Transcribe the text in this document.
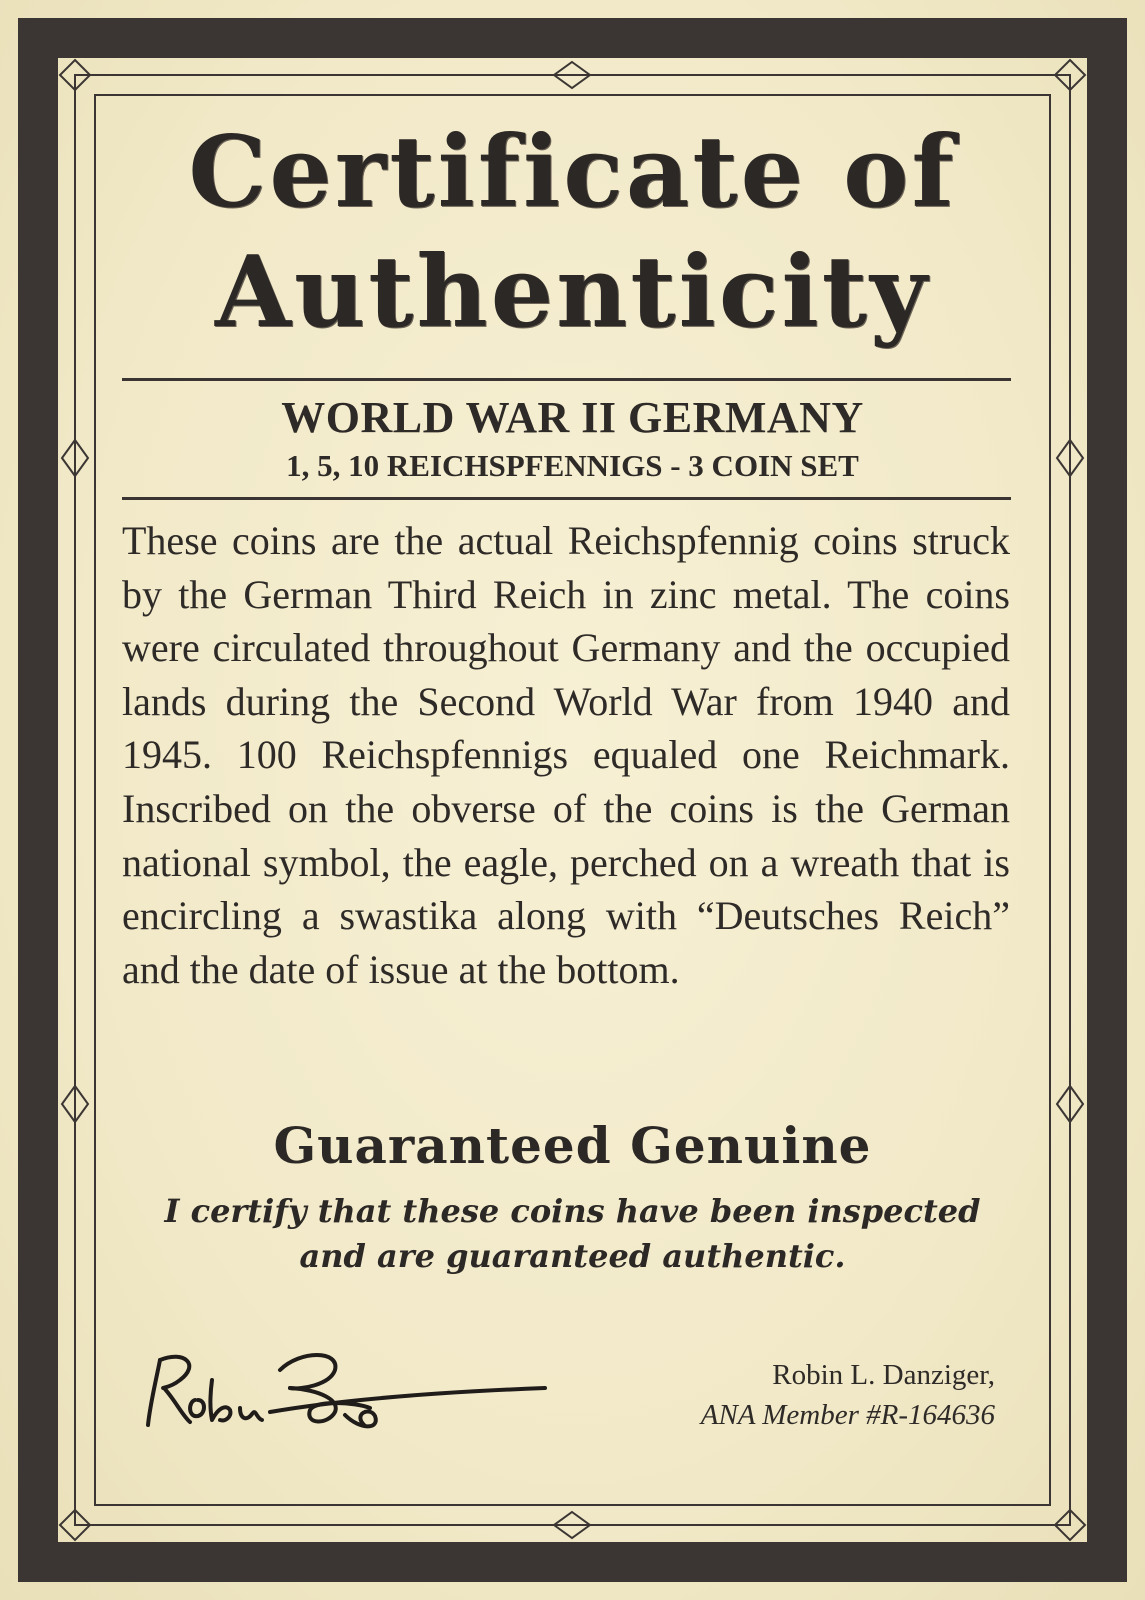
Certificate of
Authenticity
WORLD WAR II GERMANY
1, 5, 10 REICHSPFENNIGS - 3 COIN SET

These coins are the actual Reichspfennig coins struck by the German Third Reich in zinc metal. The coins were circulated throughout Germany and the occupied lands during the Second World War from 1940 and 1945. 100 Reichspfennigs equaled one Reichmark. Inscribed on the obverse of the coins is the German national symbol, the eagle, perched on a wreath that is encircling a swastika along with “Deutsches Reich” and the date of issue at the bottom.

Guaranteed Genuine
I certify that these coins have been inspected
and are guaranteed authentic.
Robin L. Danziger,
ANA Member #R-164636
